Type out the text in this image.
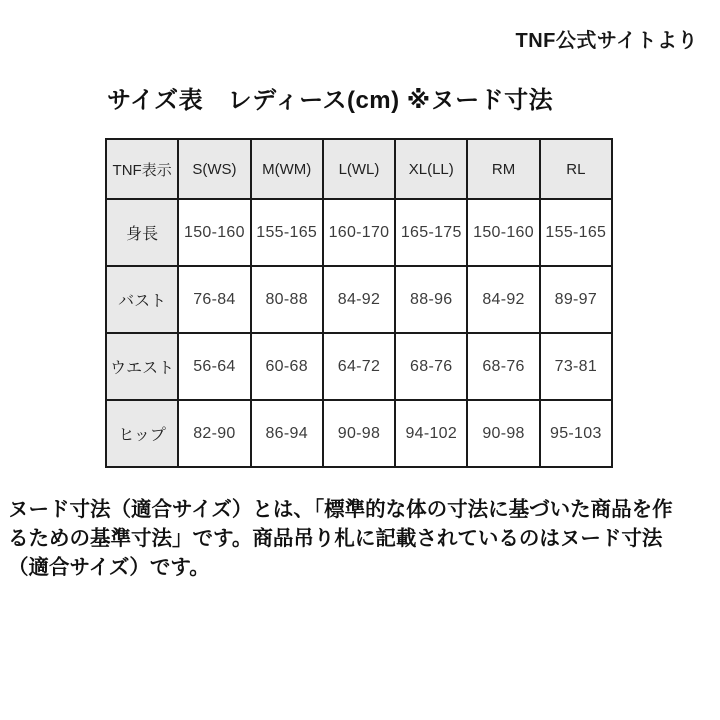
TNF公式サイトより
サイズ表　レディース(cm) ※ヌード寸法
TNF表示	S(WS)	M(WM)	L(WL)	XL(LL)	RM	RL
身長	150-160	155-165	160-170	165-175	150-160	155-165
バスト	76-84	80-88	84-92	88-96	84-92	89-97
ウエスト	56-64	60-68	64-72	68-76	68-76	73-81
ヒップ	82-90	86-94	90-98	94-102	90-98	95-103
ヌード寸法（適合サイズ）とは、「標準的な体の寸法に基づいた商品を作
るための基準寸法」です。商品吊り札に記載されているのはヌード寸法
（適合サイズ）です。
